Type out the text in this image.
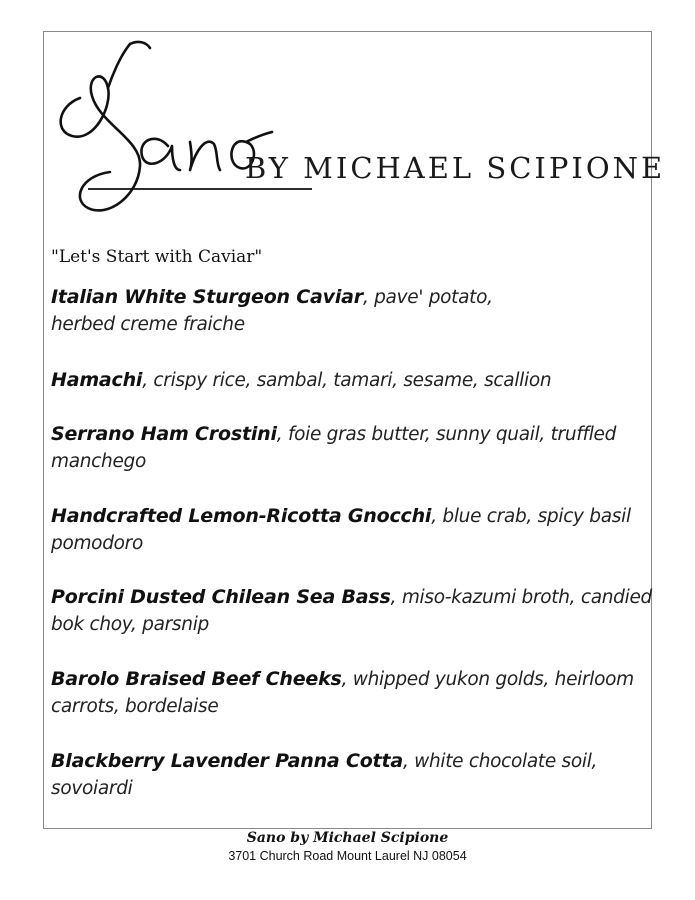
BY MICHAEL SCIPIONE
"Let's Start with Caviar"
Italian White Sturgeon Caviar, pave' potato,
herbed creme fraiche
Hamachi, crispy rice, sambal, tamari, sesame, scallion
Serrano Ham Crostini, foie gras butter, sunny quail, truffled
manchego
Handcrafted Lemon-Ricotta Gnocchi, blue crab, spicy basil
pomodoro
Porcini Dusted Chilean Sea Bass, miso-kazumi broth, candied
bok choy, parsnip
Barolo Braised Beef Cheeks, whipped yukon golds, heirloom
carrots, bordelaise
Blackberry Lavender Panna Cotta, white chocolate soil,
sovoiardi
Sano by Michael Scipione
3701 Church Road Mount Laurel NJ 08054
